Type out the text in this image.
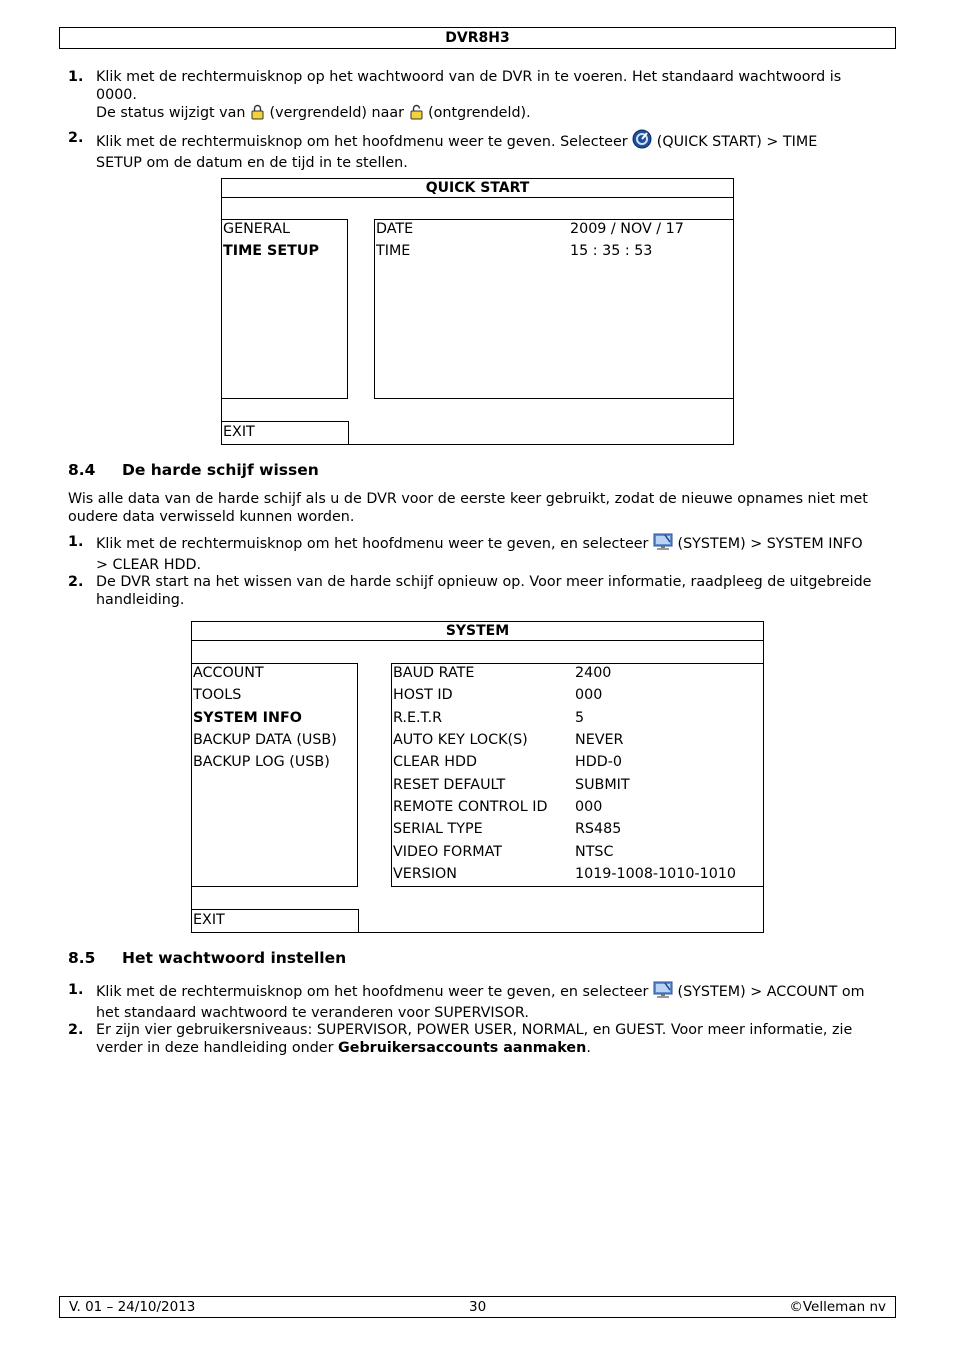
DVR8H3
1. Klik met de rechtermuisknop op het wachtwoord van de DVR in te voeren. Het standaard wachtwoord is
0000.
De status wijzigt van (vergrendeld) naar (ontgrendeld).
2. Klik met de rechtermuisknop om het hoofdmenu weer te geven. Selecteer (QUICK START) > TIME
SETUP om de datum en de tijd in te stellen.
QUICK START
GENERAL
TIME SETUP
DATE	2009 / NOV / 17
TIME	15 : 35 : 53
EXIT
8.4 De harde schijf wissen
Wis alle data van de harde schijf als u de DVR voor de eerste keer gebruikt, zodat de nieuwe opnames niet met
oudere data verwisseld kunnen worden.
1. Klik met de rechtermuisknop om het hoofdmenu weer te geven, en selecteer (SYSTEM) > SYSTEM INFO
> CLEAR HDD.
2. De DVR start na het wissen van de harde schijf opnieuw op. Voor meer informatie, raadpleeg de uitgebreide
handleiding.
SYSTEM
ACCOUNT
TOOLS
SYSTEM INFO
BACKUP DATA (USB)
BACKUP LOG (USB)
BAUD RATE	2400
HOST ID	000
R.E.T.R	5
AUTO KEY LOCK(S)	NEVER
CLEAR HDD	HDD-0
RESET DEFAULT	SUBMIT
REMOTE CONTROL ID 000
SERIAL TYPE	RS485
VIDEO FORMAT	NTSC
VERSION	1019-1008-1010-1010
EXIT
8.5 Het wachtwoord instellen
1. Klik met de rechtermuisknop om het hoofdmenu weer te geven, en selecteer (SYSTEM) > ACCOUNT om
het standaard wachtwoord te veranderen voor SUPERVISOR.
2. Er zijn vier gebruikersniveaus: SUPERVISOR, POWER USER, NORMAL, en GUEST. Voor meer informatie, zie
verder in deze handleiding onder Gebruikersaccounts aanmaken.
V. 01 – 24/10/2013	30	©Velleman nv
